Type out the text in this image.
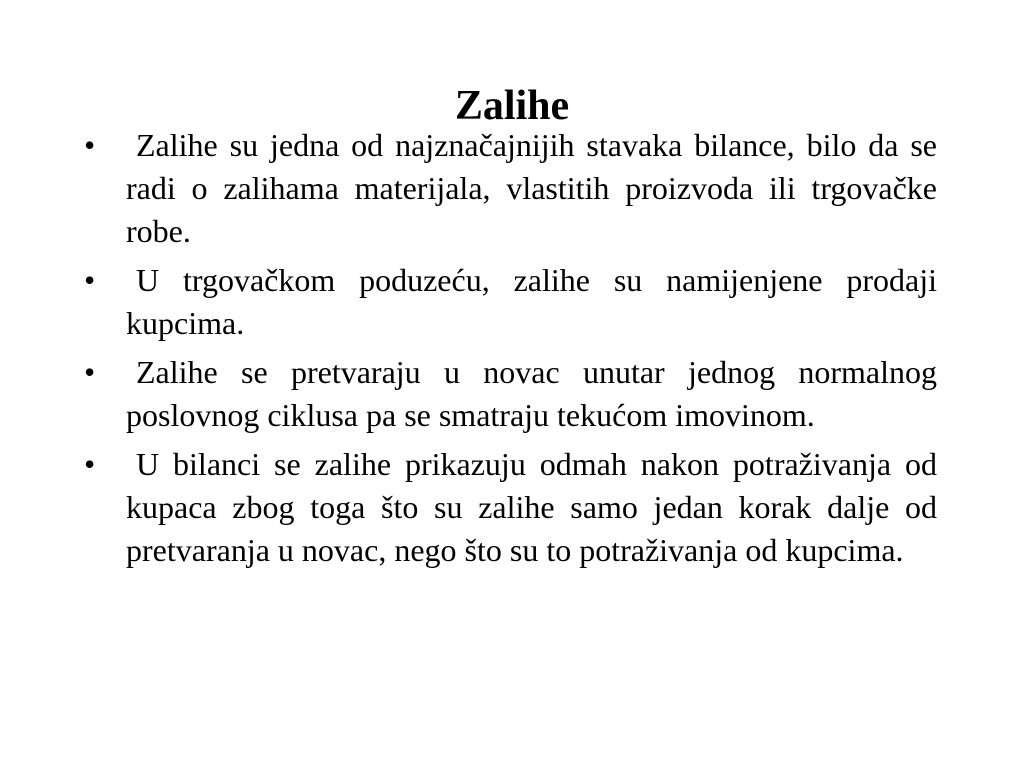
Zalihe
•	Zalihe su jedna od najznačajnijih stavaka bilance, bilo da se radi o zalihama materijala, vlastitih proizvoda ili trgovačke robe.
•	U trgovačkom poduzeću, zalihe su namijenjene prodaji kupcima.
•	Zalihe se pretvaraju u novac unutar jednog normalnog poslovnog ciklusa pa se smatraju tekućom imovinom.
•	U bilanci se zalihe prikazuju odmah nakon potraživanja od kupaca zbog toga što su zalihe samo jedan korak dalje od pretvaranja u novac, nego što su to potraživanja od kupcima.
